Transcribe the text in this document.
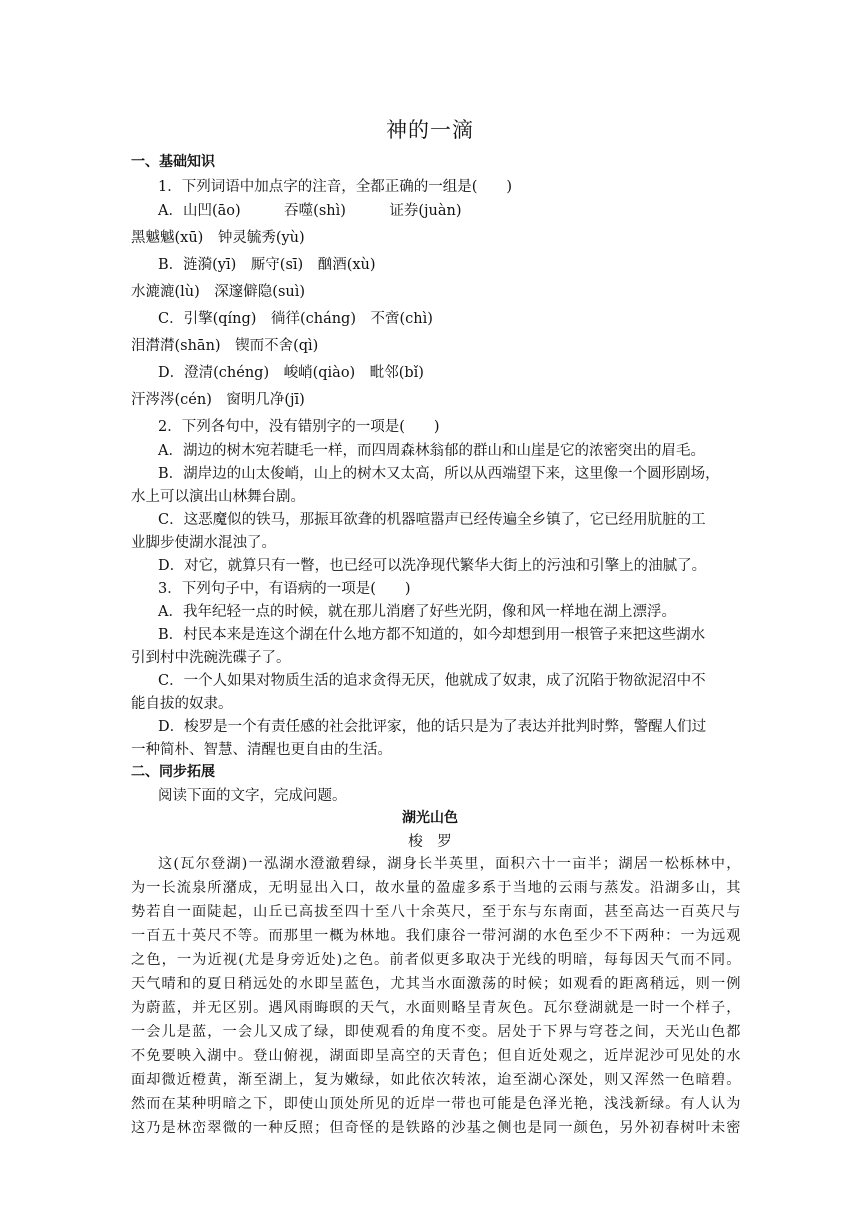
神的一滴
一、基础知识
1．下列词语中加点字的注音，全都正确的一组是(　　)
A．山凹(āo)　　　吞噬(shì)　　　证券(juàn)
黑魆魆(xū)　钟灵毓秀(yù)
B．涟漪(yī)　厮守(sī)　酗酒(xù)
水漉漉(lù)　深邃僻隐(suì)
C．引擎(qíng)　徜徉(cháng)　不啻(chì)
泪潸潸(shān)　锲而不舍(qì)
D．澄清(chéng)　峻峭(qiào)　毗邻(bǐ)
汗涔涔(cén)　窗明几净(jī)
2．下列各句中，没有错别字的一项是(　　)
A．湖边的树木宛若睫毛一样，而四周森林翁郁的群山和山崖是它的浓密突出的眉毛。
B．湖岸边的山太俊峭，山上的树木又太高，所以从西端望下来，这里像一个圆形剧场，
水上可以演出山林舞台剧。
C．这恶魔似的铁马，那振耳欲聋的机器喧嚣声已经传遍全乡镇了，它已经用肮脏的工
业脚步使湖水混浊了。
D．对它，就算只有一瞥，也已经可以洗净现代繁华大街上的污浊和引擎上的油腻了。
3．下列句子中，有语病的一项是(　　)
A．我年纪轻一点的时候，就在那儿消磨了好些光阴，像和风一样地在湖上漂浮。
B．村民本来是连这个湖在什么地方都不知道的，如今却想到用一根管子来把这些湖水
引到村中洗碗洗碟子了。
C．一个人如果对物质生活的追求贪得无厌，他就成了奴隶，成了沉陷于物欲泥沼中不
能自拔的奴隶。
D．梭罗是一个有责任感的社会批评家，他的话只是为了表达并批判时弊，警醒人们过
一种简朴、智慧、清醒也更自由的生活。
二、同步拓展
阅读下面的文字，完成问题。
湖光山色
梭　罗
这(瓦尔登湖)一泓湖水澄澈碧绿，湖身长半英里，面积六十一亩半；湖居一松栎林中，
为一长流泉所潴成，无明显出入口，故水量的盈虚多系于当地的云雨与蒸发。沿湖多山，其
势若自一面陡起，山丘已高拔至四十至八十余英尺，至于东与东南面，甚至高达一百英尺与
一百五十英尺不等。而那里一概为林地。我们康谷一带河湖的水色至少不下两种：一为远观
之色，一为近视(尤是身旁近处)之色。前者似更多取决于光线的明暗，每每因天气而不同。
天气晴和的夏日稍远处的水即呈蓝色，尤其当水面激荡的时候；如观看的距离稍远，则一例
为蔚蓝，并无区别。遇风雨晦暝的天气，水面则略呈青灰色。瓦尔登湖就是一时一个样子，
一会儿是蓝，一会儿又成了绿，即使观看的角度不变。居处于下界与穹苍之间，天光山色都
不免要映入湖中。登山俯视，湖面即呈高空的天青色；但自近处观之，近岸泥沙可见处的水
面却微近橙黄，渐至湖上，复为嫩绿，如此依次转浓，迨至湖心深处，则又浑然一色暗碧。
然而在某种明暗之下，即使山顶处所见的近岸一带也可能是色泽光艳，浅浅新绿。有人认为
这乃是林峦翠微的一种反照；但奇怪的是铁路的沙基之侧也是同一颜色，另外初春树叶未密
